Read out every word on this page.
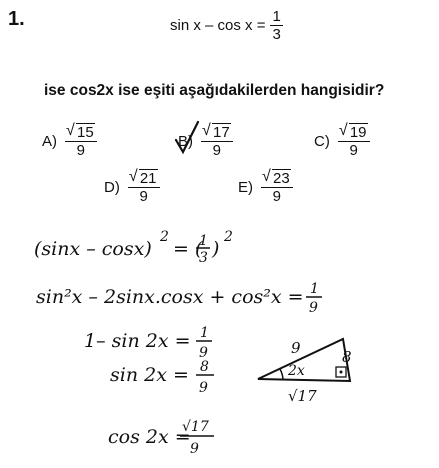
1.	$\sin x - \cos x = \frac{1}{3}$
ise cos2x ise eşiti aşağıdakilerden hangisidir?
A) √ $\frac{15}{9}$	B) √ $\frac{17}{9}$	C) √ $\frac{19}{9}$
D) √ $\frac{21}{9}$	E) √ $\frac{23}{9}$
(sinx – cosx)
2
= (
1
3 )
2
sin²x – 2sinx.cosx + cos²x = 1
9
1– sin 2x = 1
9
sin 2x = 8
9
cos 2x =
√17
9
9	8
2x
√17
